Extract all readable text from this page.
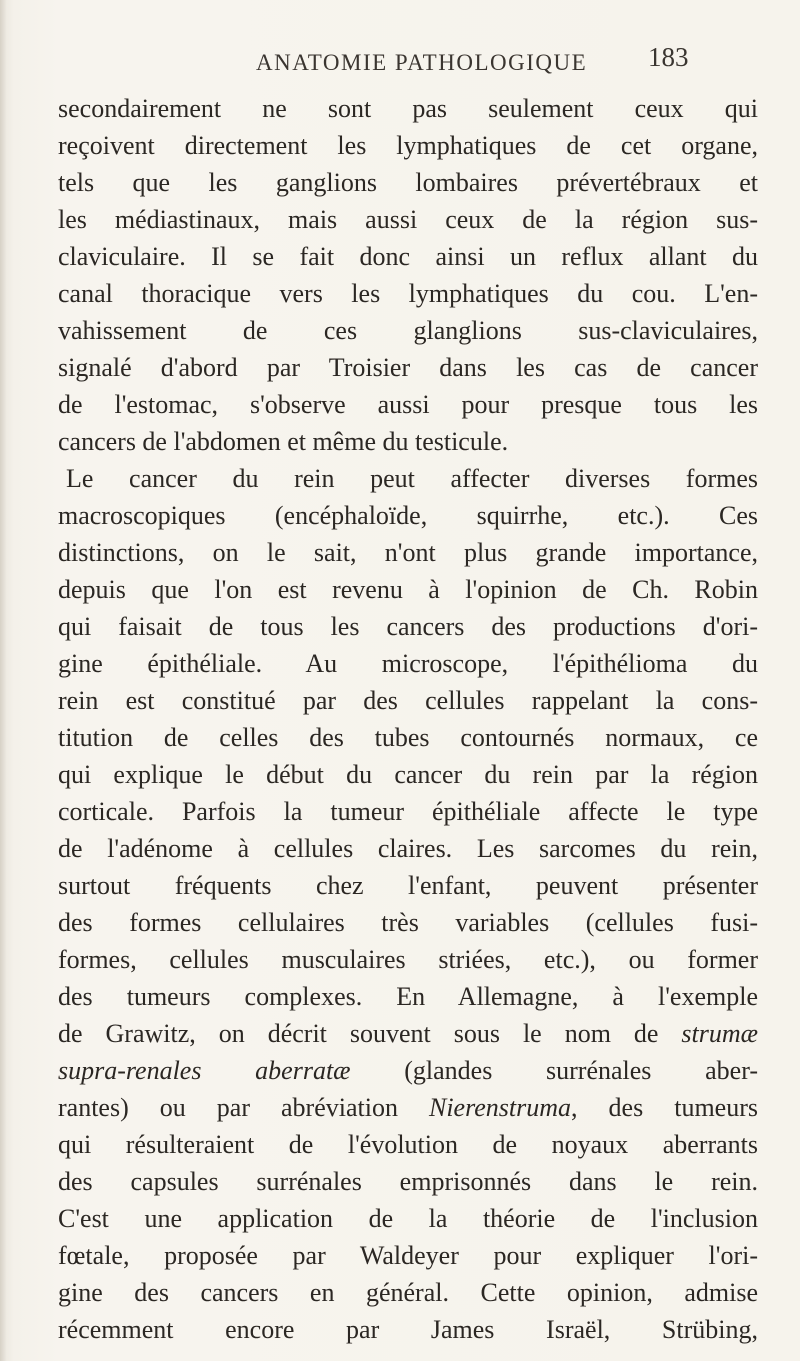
ANATOMIE PATHOLOGIQUE 183
secondairement ne sont pas seulement ceux qui
reçoivent directement les lymphatiques de cet organe,
tels que les ganglions lombaires prévertébraux et
les médiastinaux, mais aussi ceux de la région sus-
claviculaire. Il se fait donc ainsi un reflux allant du
canal thoracique vers les lymphatiques du cou. L'en-
vahissement de ces glanglions sus-claviculaires,
signalé d'abord par Troisier dans les cas de cancer
de l'estomac, s'observe aussi pour presque tous les
cancers de l'abdomen et même du testicule.
Le cancer du rein peut affecter diverses formes
macroscopiques (encéphaloïde, squirrhe, etc.). Ces
distinctions, on le sait, n'ont plus grande importance,
depuis que l'on est revenu à l'opinion de Ch. Robin
qui faisait de tous les cancers des productions d'ori-
gine épithéliale. Au microscope, l'épithélioma du
rein est constitué par des cellules rappelant la cons-
titution de celles des tubes contournés normaux, ce
qui explique le début du cancer du rein par la région
corticale. Parfois la tumeur épithéliale affecte le type
de l'adénome à cellules claires. Les sarcomes du rein,
surtout fréquents chez l'enfant, peuvent présenter
des formes cellulaires très variables (cellules fusi-
formes, cellules musculaires striées, etc.), ou former
des tumeurs complexes. En Allemagne, à l'exemple
de Grawitz, on décrit souvent sous le nom de strumæ
supra-renales aberratæ (glandes surrénales aber-
rantes) ou par abréviation Nierenstruma, des tumeurs
qui résulteraient de l'évolution de noyaux aberrants
des capsules surrénales emprisonnés dans le rein.
C'est une application de la théorie de l'inclusion
fœtale, proposée par Waldeyer pour expliquer l'ori-
gine des cancers en général. Cette opinion, admise
récemment encore par James Israël, Strübing,
